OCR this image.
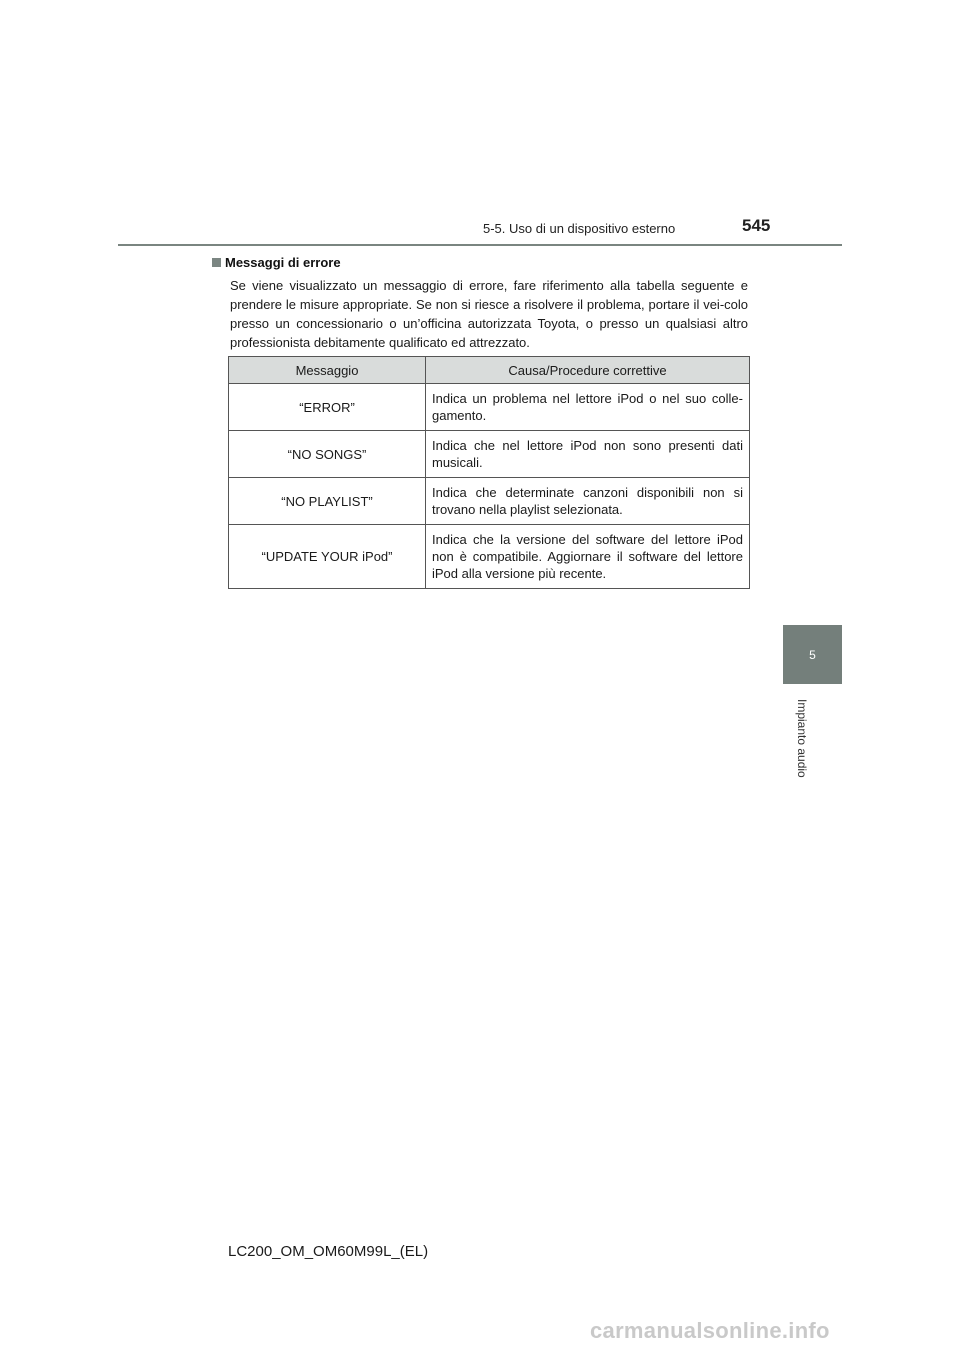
5-5. Uso di un dispositivo esterno	545
5
Impianto audio
Messaggi di errore

Se viene visualizzato un messaggio di errore, fare riferimento alla tabella seguente e prendere le misure appropriate. Se non si riesce a risolvere il problema, portare il vei-colo presso un concessionario o un’officina autorizzata Toyota, o presso un qualsiasi altro professionista debitamente qualificato ed attrezzato.

Messaggio	Causa/Procedure correttive
“ERROR”	Indica un problema nel lettore iPod o nel suo colle-gamento.
“NO SONGS”	Indica che nel lettore iPod non sono presenti dati musicali.
“NO PLAYLIST”	Indica che determinate canzoni disponibili non si trovano nella playlist selezionata.
“UPDATE YOUR iPod”	Indica che la versione del software del lettore iPod non è compatibile. Aggiornare il software del lettore iPod alla versione più recente.
LC200_OM_OM60M99L_(EL)
carmanualsonline.info
